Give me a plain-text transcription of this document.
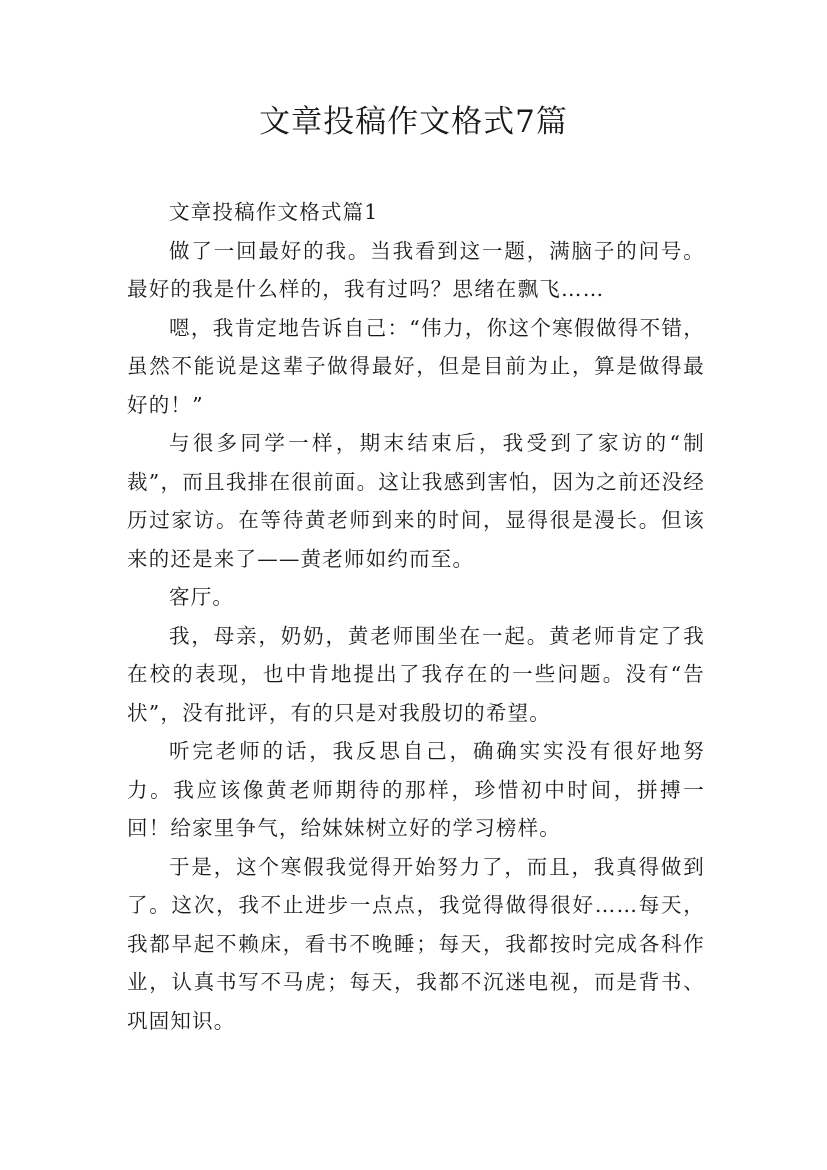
文章投稿作文格式7篇

文章投稿作文格式篇1

做了一回最好的我。当我看到这一题，满脑子的问号。最好的我是什么样的，我有过吗？思绪在飘飞……

嗯，我肯定地告诉自己：“伟力，你这个寒假做得不错，虽然不能说是这辈子做得最好，但是目前为止，算是做得最好的！”

与很多同学一样，期末结束后，我受到了家访的“制裁”，而且我排在很前面。这让我感到害怕，因为之前还没经历过家访。在等待黄老师到来的时间，显得很是漫长。但该来的还是来了——黄老师如约而至。

客厅。

我，母亲，奶奶，黄老师围坐在一起。黄老师肯定了我在校的表现，也中肯地提出了我存在的一些问题。没有“告状”，没有批评，有的只是对我殷切的希望。

听完老师的话，我反思自己，确确实实没有很好地努力。我应该像黄老师期待的那样，珍惜初中时间，拼搏一回！给家里争气，给妹妹树立好的学习榜样。

于是，这个寒假我觉得开始努力了，而且，我真得做到了。这次，我不止进步一点点，我觉得做得很好……每天，我都早起不赖床，看书不晚睡；每天，我都按时完成各科作业，认真书写不马虎；每天，我都不沉迷电视，而是背书、巩固知识。
